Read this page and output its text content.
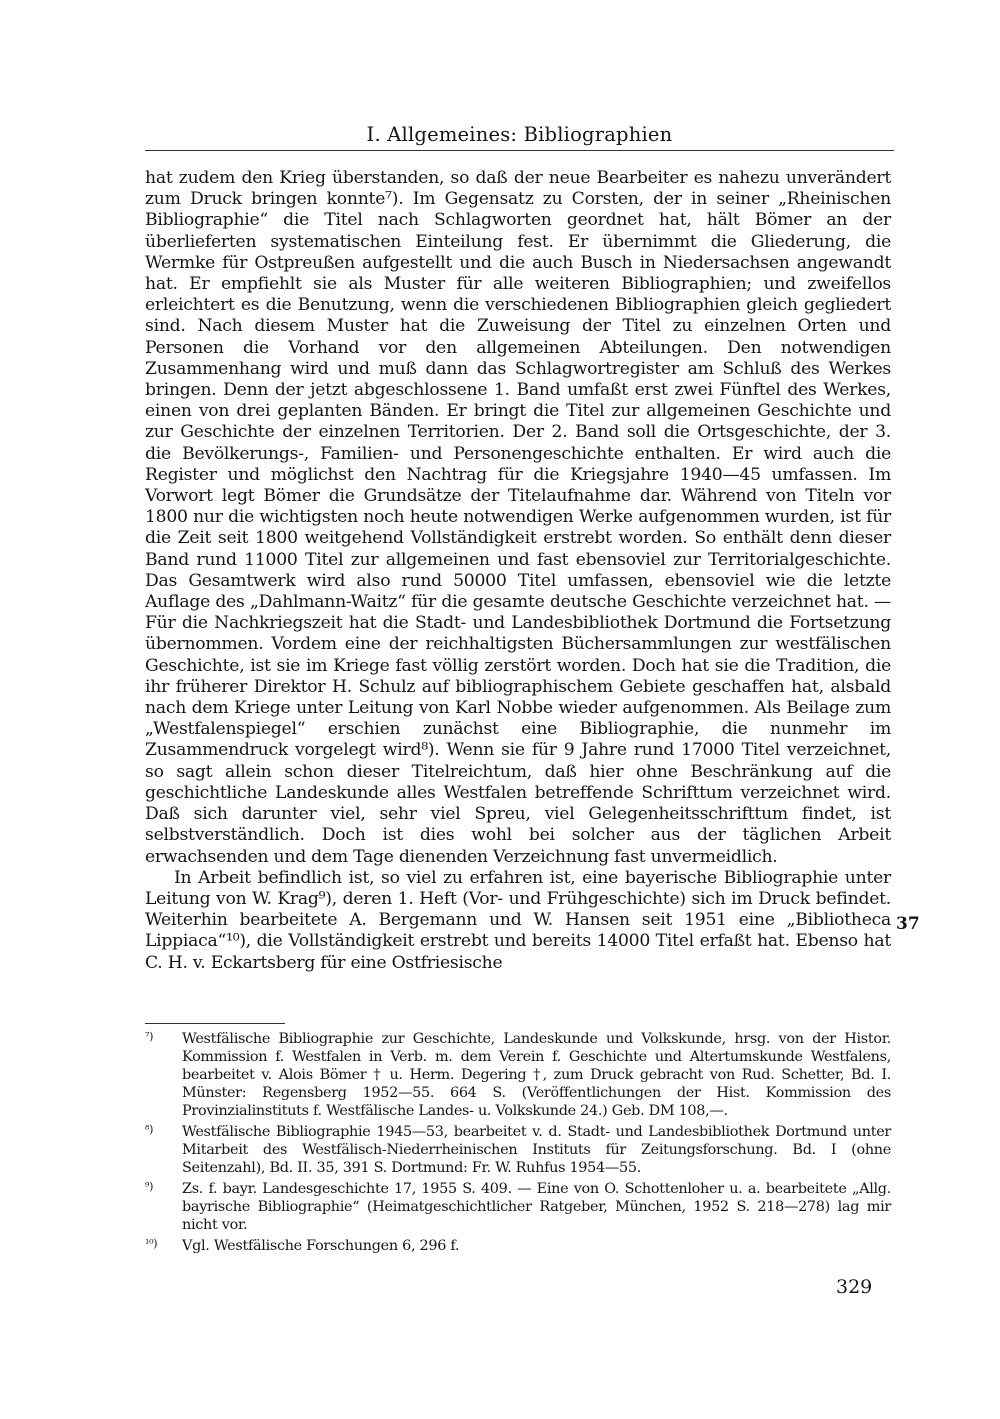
I. Allgemeines: Bibliographien

hat zudem den Krieg überstanden, so daß der neue Bearbeiter es nahezu unverändert zum Druck bringen konnte⁷). Im Gegensatz zu Corsten, der in seiner „Rheinischen Bibliographie“ die Titel nach Schlagworten geordnet hat, hält Bömer an der überlieferten systematischen Einteilung fest. Er übernimmt die Gliederung, die Wermke für Ostpreußen aufgestellt und die auch Busch in Niedersachsen angewandt hat. Er empfiehlt sie als Muster für alle weiteren Bibliographien; und zweifellos erleichtert es die Benutzung, wenn die verschiedenen Bibliographien gleich gegliedert sind. Nach diesem Muster hat die Zuweisung der Titel zu einzelnen Orten und Personen die Vorhand vor den allgemeinen Abteilungen. Den notwendigen Zusammenhang wird und muß dann das Schlagwortregister am Schluß des Werkes bringen. Denn der jetzt abgeschlossene 1. Band umfaßt erst zwei Fünftel des Werkes, einen von drei geplanten Bänden. Er bringt die Titel zur allgemeinen Geschichte und zur Geschichte der einzelnen Territorien. Der 2. Band soll die Ortsgeschichte, der 3. die Bevölkerungs-, Familien- und Personengeschichte enthalten. Er wird auch die Register und möglichst den Nachtrag für die Kriegsjahre 1940—45 umfassen. Im Vorwort legt Bömer die Grundsätze der Titelaufnahme dar. Während von Titeln vor 1800 nur die wichtigsten noch heute notwendigen Werke aufgenommen wurden, ist für die Zeit seit 1800 weitgehend Vollständigkeit erstrebt worden. So enthält denn dieser Band rund 11000 Titel zur allgemeinen und fast ebensoviel zur Territorialgeschichte. Das Gesamtwerk wird also rund 50000 Titel umfassen, ebensoviel wie die letzte Auflage des „Dahlmann-Waitz“ für die gesamte deutsche Geschichte verzeichnet hat. — Für die Nachkriegszeit hat die Stadt- und Landesbibliothek Dortmund die Fortsetzung übernommen. Vordem eine der reichhaltigsten Büchersammlungen zur westfälischen Geschichte, ist sie im Kriege fast völlig zerstört worden. Doch hat sie die Tradition, die ihr früherer Direktor H. Schulz auf bibliographischem Gebiete geschaffen hat, alsbald nach dem Kriege unter Leitung von Karl Nobbe wieder aufgenommen. Als Beilage zum „Westfalenspiegel“ erschien zunächst eine Bibliographie, die nunmehr im Zusammendruck vorgelegt wird⁸). Wenn sie für 9 Jahre rund 17000 Titel verzeichnet, so sagt allein schon dieser Titelreichtum, daß hier ohne Beschränkung auf die geschichtliche Landeskunde alles Westfalen betreffende Schrifttum verzeichnet wird. Daß sich darunter viel, sehr viel Spreu, viel Gelegenheitsschrifttum findet, ist selbstverständlich. Doch ist dies wohl bei solcher aus der täglichen Arbeit erwachsenden und dem Tage dienenden Verzeichnung fast unvermeidlich.

In Arbeit befindlich ist, so viel zu erfahren ist, eine bayerische Bibliographie unter Leitung von W. Krag⁹), deren 1. Heft (Vor- und Frühgeschichte) sich im Druck befindet. Weiterhin bearbeitete A. Bergemann und W. Hansen seit 1951 eine „Bibliotheca Lippiaca“¹⁰), die Vollständigkeit erstrebt und bereits 14000 Titel erfaßt hat. Ebenso hat C. H. v. Eckartsberg für eine Ostfriesische

37
⁷)	Westfälische Bibliographie zur Geschichte, Landeskunde und Volkskunde, hrsg. von der Histor. Kommission f. Westfalen in Verb. m. dem Verein f. Geschichte und Altertumskunde Westfalens, bearbeitet v. Alois Bömer † u. Herm. Degering †, zum Druck gebracht von Rud. Schetter, Bd. I. Münster: Regensberg 1952—55. 664 S. (Veröffentlichungen der Hist. Kommission des Provinzialinstituts f. Westfälische Landes- u. Volkskunde 24.) Geb. DM 108,—.
⁸)	Westfälische Bibliographie 1945—53, bearbeitet v. d. Stadt- und Landesbibliothek Dortmund unter Mitarbeit des Westfälisch-Niederrheinischen Instituts für Zeitungsforschung. Bd. I (ohne Seitenzahl), Bd. II. 35, 391 S. Dortmund: Fr. W. Ruhfus 1954—55.
⁹)	Zs. f. bayr. Landesgeschichte 17, 1955 S. 409. — Eine von O. Schottenloher u. a. bearbeitete „Allg. bayrische Bibliographie“ (Heimatgeschichtlicher Ratgeber, München, 1952 S. 218—278) lag mir nicht vor.
¹⁰)	Vgl. Westfälische Forschungen 6, 296 f.
329
